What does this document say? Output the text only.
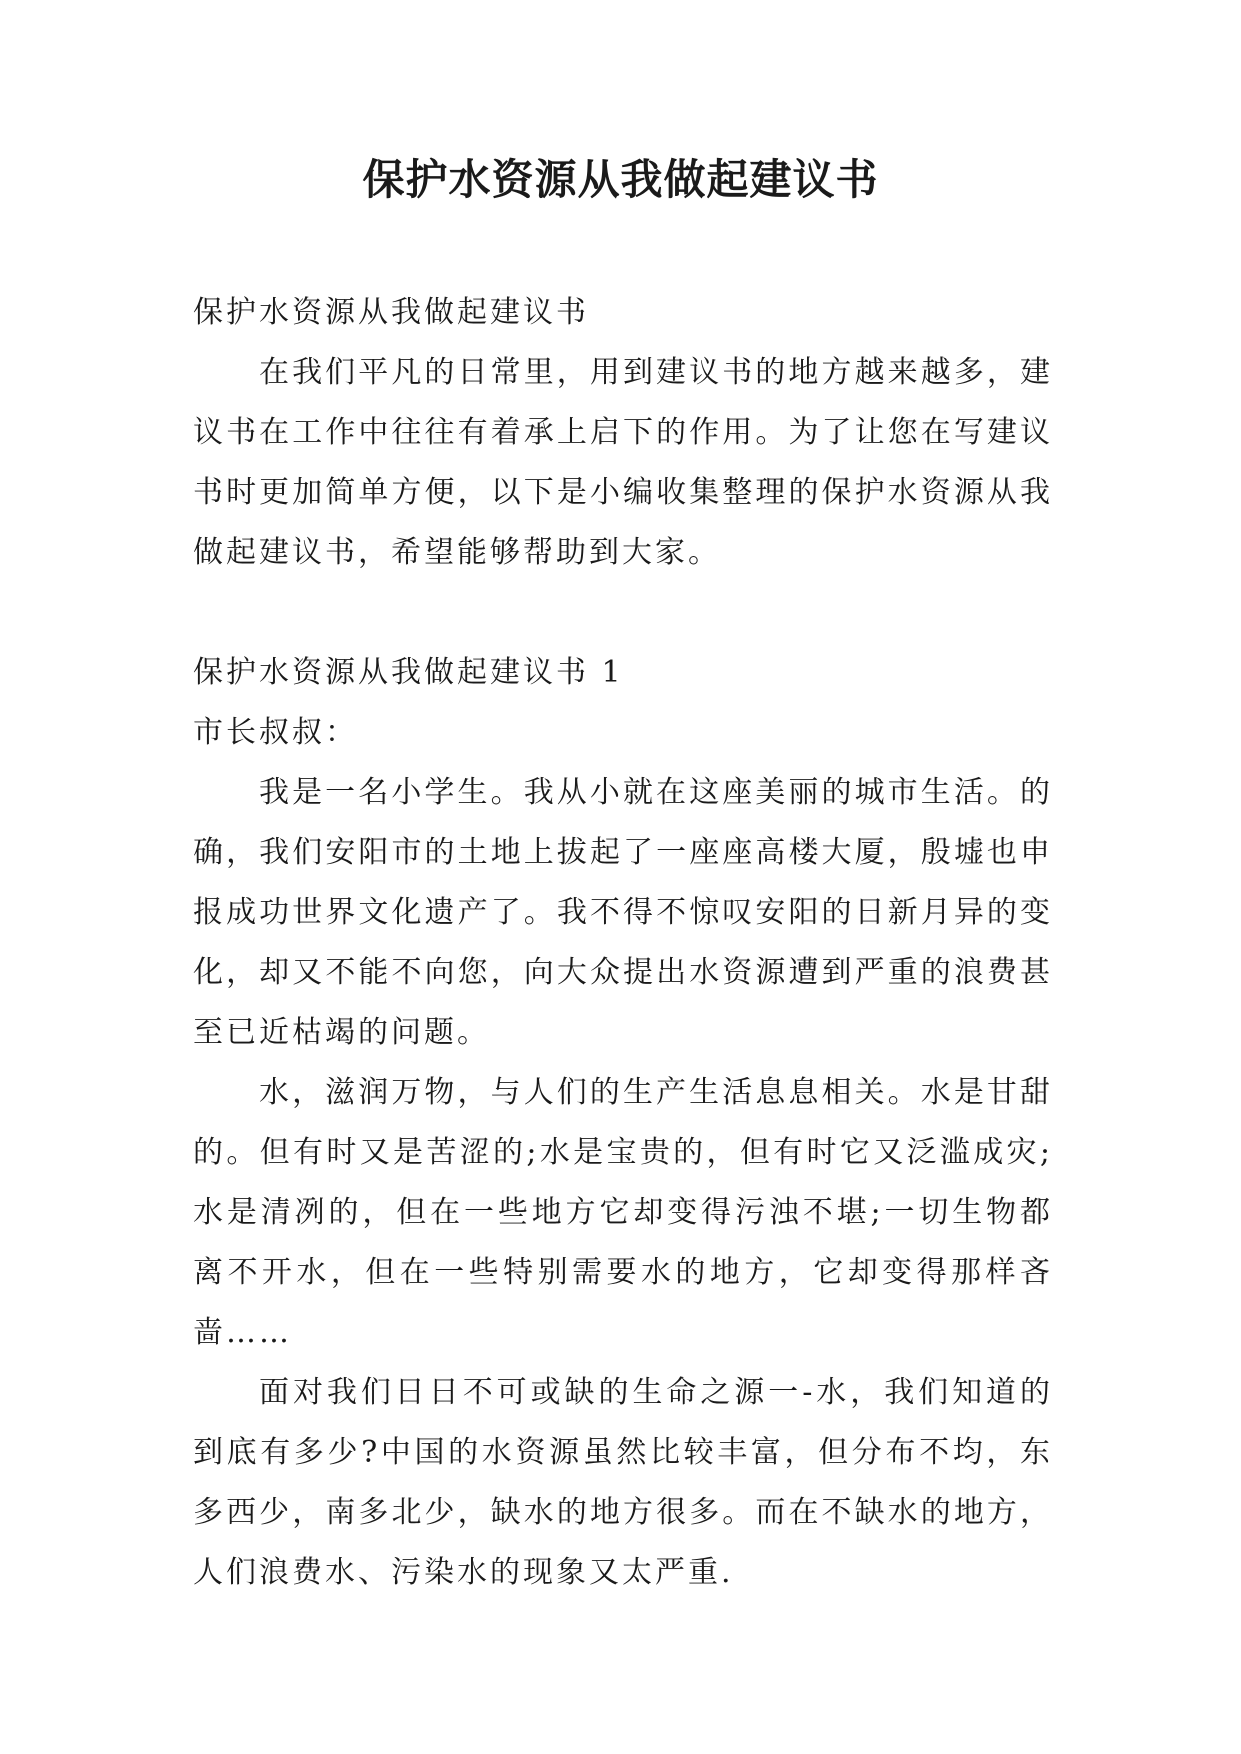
保护水资源从我做起建议书

保护水资源从我做起建议书

在我们平凡的日常里，用到建议书的地方越来越多，建议书在工作中往往有着承上启下的作用。为了让您在写建议书时更加简单方便，以下是小编收集整理的保护水资源从我做起建议书，希望能够帮助到大家。

保护水资源从我做起建议书 1

市长叔叔：

我是一名小学生。我从小就在这座美丽的城市生活。的确，我们安阳市的土地上拔起了一座座高楼大厦，殷墟也申报成功世界文化遗产了。我不得不惊叹安阳的日新月异的变化，却又不能不向您，向大众提出水资源遭到严重的浪费甚至已近枯竭的问题。

水，滋润万物，与人们的生产生活息息相关。水是甘甜的。但有时又是苦涩的;水是宝贵的，但有时它又泛滥成灾;水是清冽的，但在一些地方它却变得污浊不堪;一切生物都离不开水，但在一些特别需要水的地方，它却变得那样吝啬……

面对我们日日不可或缺的生命之源一-水，我们知道的到底有多少?中国的水资源虽然比较丰富，但分布不均，东多西少，南多北少，缺水的地方很多。而在不缺水的地方，人们浪费水、污染水的现象又太严重.
